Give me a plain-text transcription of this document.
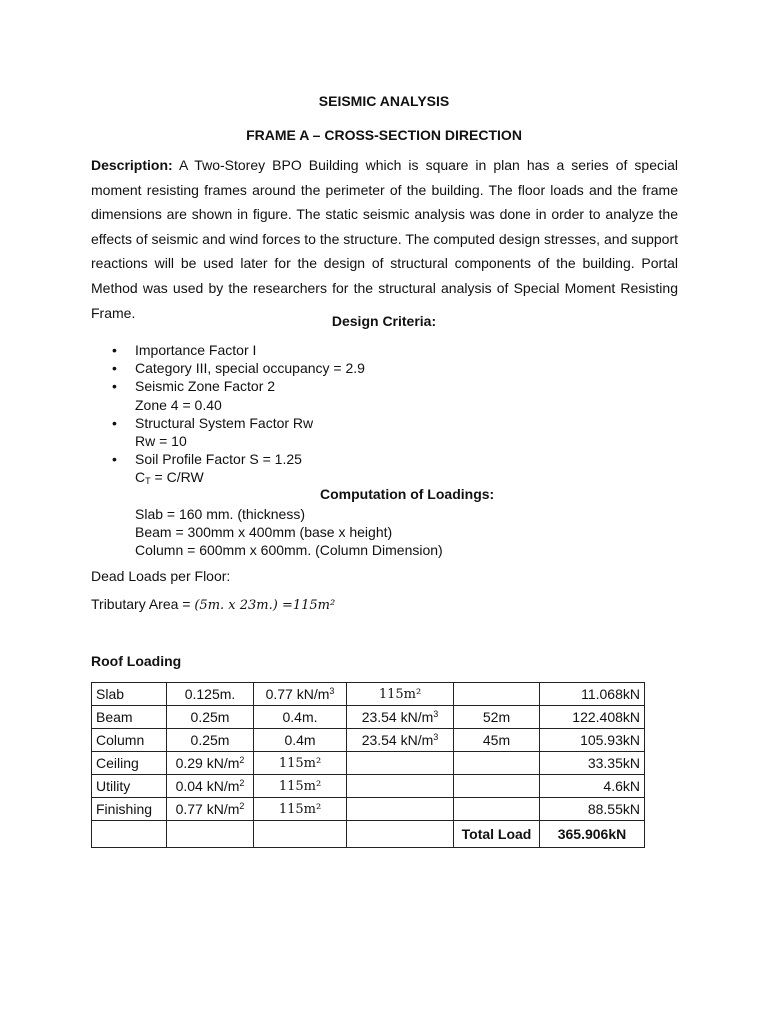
SEISMIC ANALYSIS
FRAME A – CROSS-SECTION DIRECTION
Description: A Two-Storey BPO Building which is square in plan has a series of special moment resisting frames around the perimeter of the building. The floor loads and the frame dimensions are shown in figure. The static seismic analysis was done in order to analyze the effects of seismic and wind forces to the structure. The computed design stresses, and support reactions will be used later for the design of structural components of the building. Portal Method was used by the researchers for the structural analysis of Special Moment Resisting Frame.
Design Criteria:
• Importance Factor I
• Category III, special occupancy = 2.9
• Seismic Zone Factor 2
Zone 4 = 0.40
• Structural System Factor Rw
Rw = 10
• Soil Profile Factor S = 1.25
$C_T = C/RW$
Computation of Loadings:
Slab = 160 mm. (thickness)
Beam = 300mm x 400mm (base x height)
Column = 600mm x 600mm. (Column Dimension)
Dead Loads per Floor:
Tributary Area = (5m. x 23m.) =115m²
Roof Loading
Slab	0.125m.	0.77 $kN/m^3$	115m²		11.068kN
Beam	0.25m	0.4m.	23.54 $kN/m^3$	52m	122.408kN
Column	0.25m	0.4m	23.54 $kN/m^3$	45m	105.93kN
Ceiling	0.29 $kN/m^2$	115m²			33.35kN
Utility	0.04 $kN/m^2$	115m²			4.6kN
Finishing	0.77 $kN/m^2$	115m²			88.55kN
				Total Load	365.906kN
